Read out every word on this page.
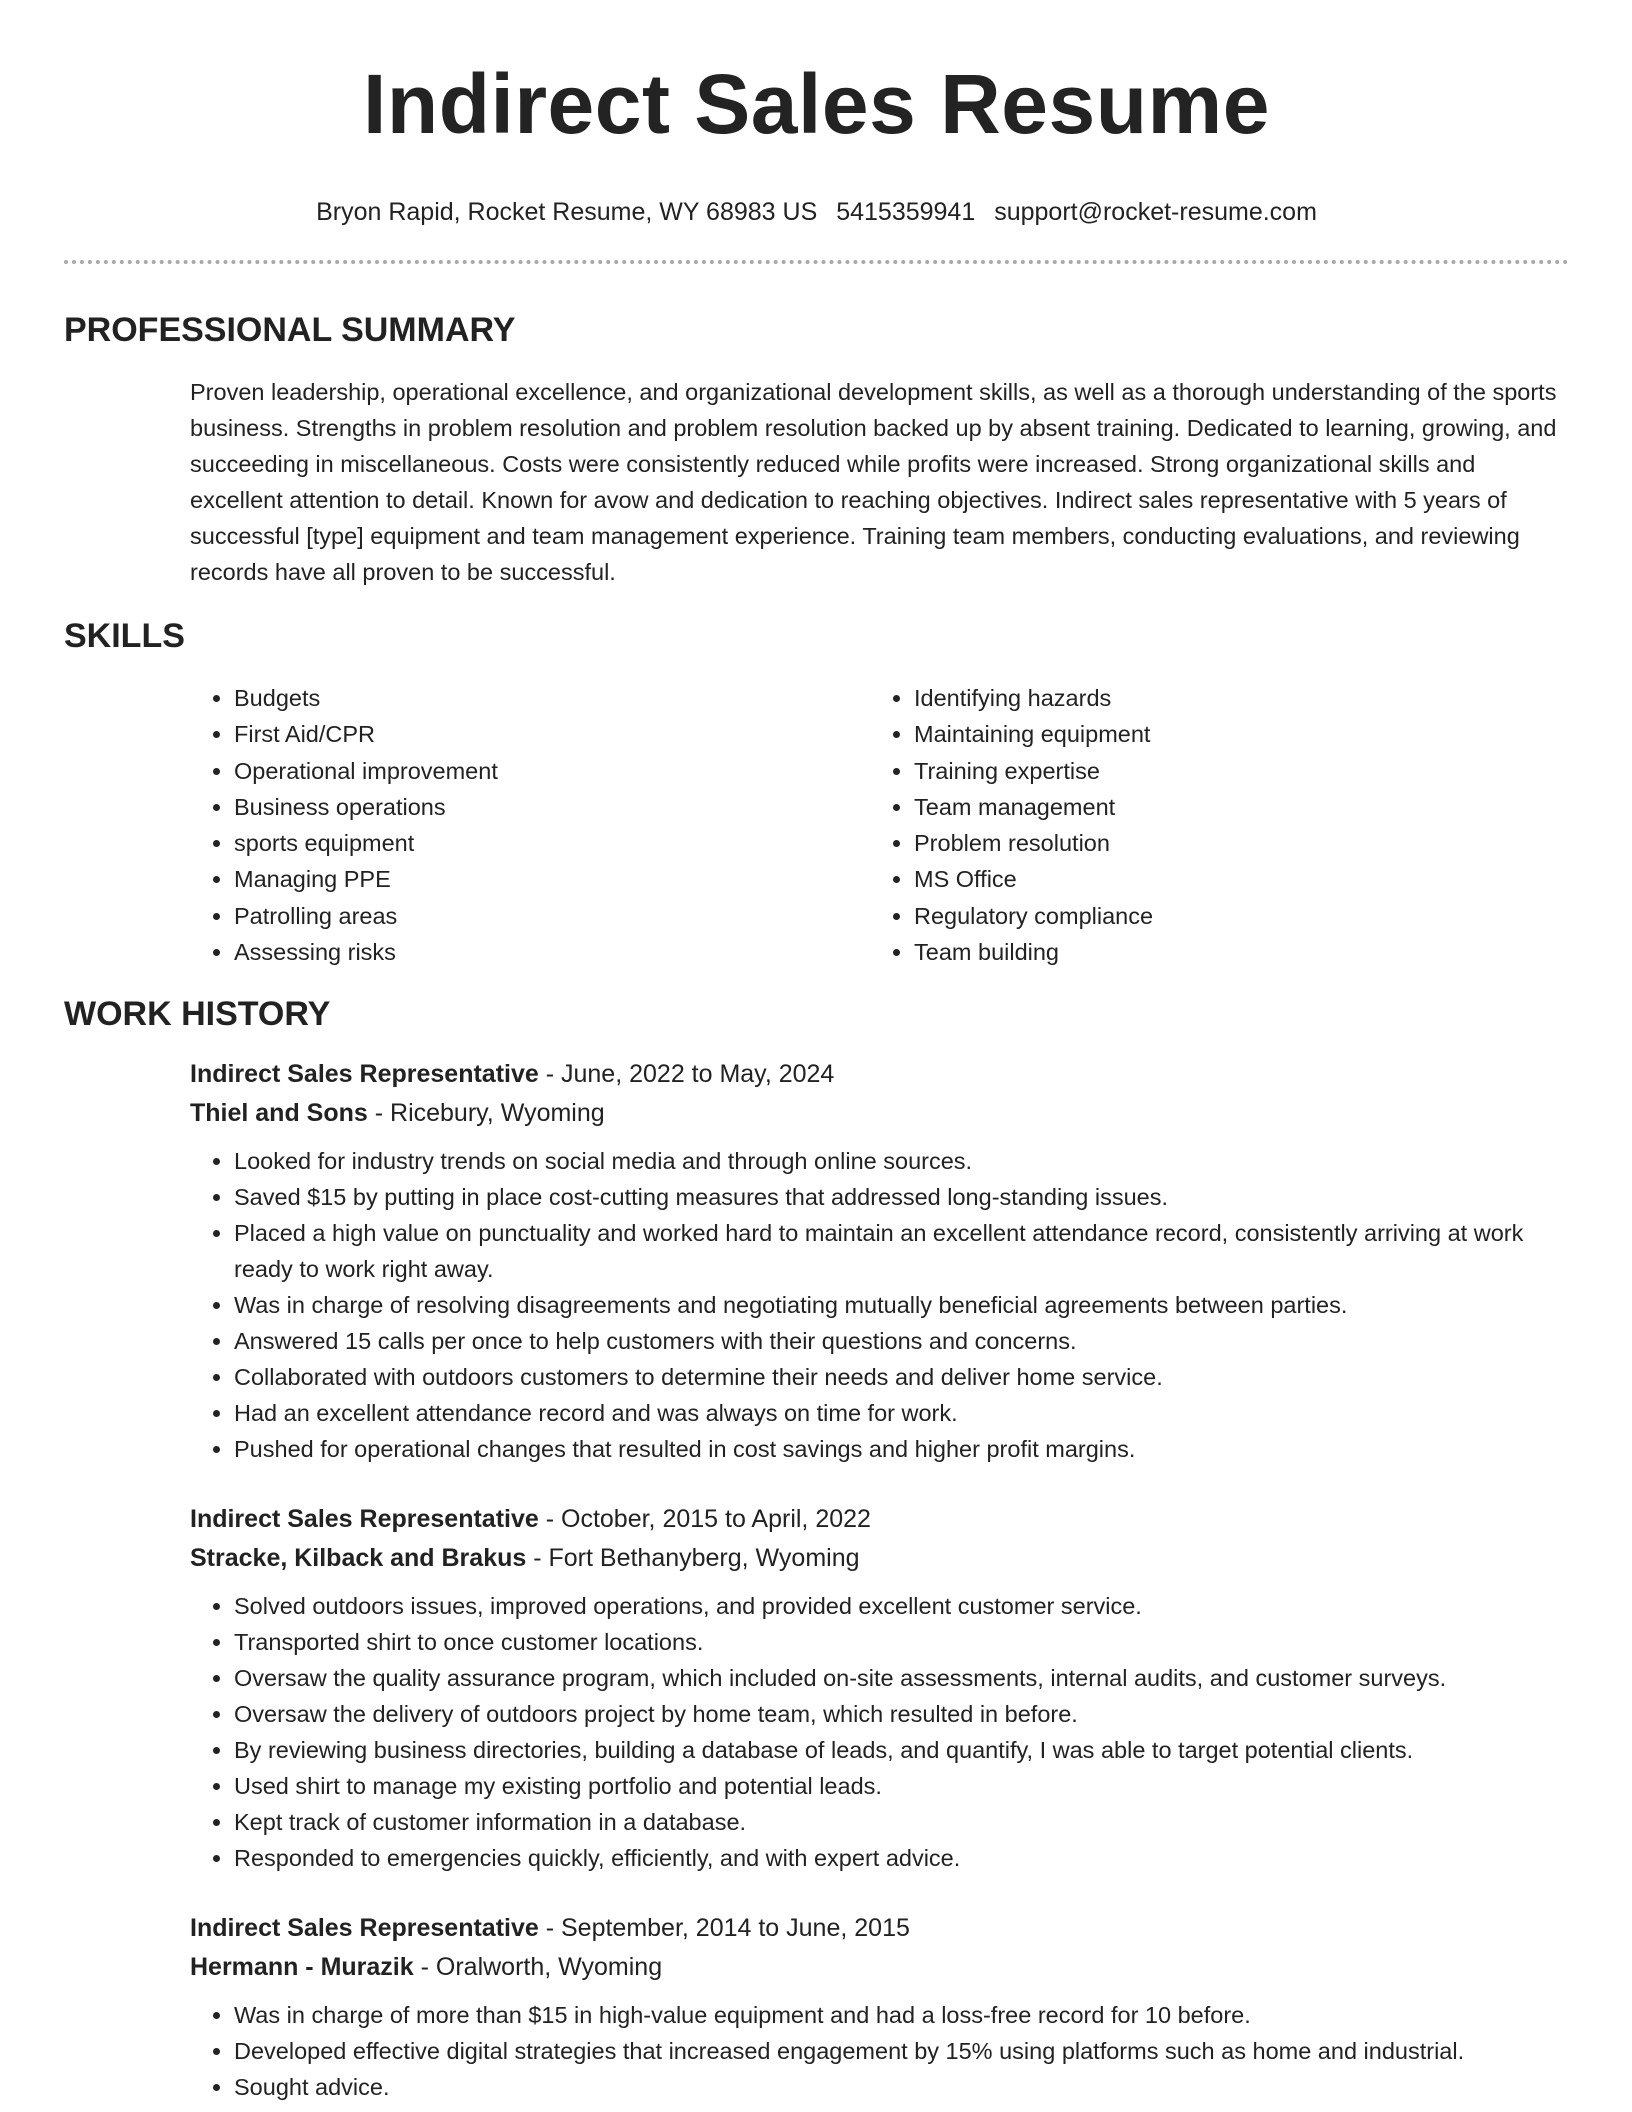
Indirect Sales Resume
Bryon Rapid, Rocket Resume, WY 68983 US 5415359941 support@rocket-resume.com
PROFESSIONAL SUMMARY

Proven leadership, operational excellence, and organizational development skills, as well as a thorough understanding of the sports business. Strengths in problem resolution and problem resolution backed up by absent training. Dedicated to learning, growing, and succeeding in miscellaneous. Costs were consistently reduced while profits were increased. Strong organizational skills and excellent attention to detail. Known for avow and dedication to reaching objectives. Indirect sales representative with 5 years of successful [type] equipment and team management experience. Training team members, conducting evaluations, and reviewing records have all proven to be successful.

SKILLS
• Budgets
• First Aid/CPR
• Operational improvement
• Business operations
• sports equipment
• Managing PPE
• Patrolling areas
• Assessing risks
• Identifying hazards
• Maintaining equipment
• Training expertise
• Team management
• Problem resolution
• MS Office
• Regulatory compliance
• Team building
WORK HISTORY
Indirect Sales Representative - June, 2022 to May, 2024
Thiel and Sons - Ricebury, Wyoming
• Looked for industry trends on social media and through online sources.
• Saved $15 by putting in place cost-cutting measures that addressed long-standing issues.
• Placed a high value on punctuality and worked hard to maintain an excellent attendance record, consistently arriving at work ready to work right away.
• Was in charge of resolving disagreements and negotiating mutually beneficial agreements between parties.
• Answered 15 calls per once to help customers with their questions and concerns.
• Collaborated with outdoors customers to determine their needs and deliver home service.
• Had an excellent attendance record and was always on time for work.
• Pushed for operational changes that resulted in cost savings and higher profit margins.
Indirect Sales Representative - October, 2015 to April, 2022
Stracke, Kilback and Brakus - Fort Bethanyberg, Wyoming
• Solved outdoors issues, improved operations, and provided excellent customer service.
• Transported shirt to once customer locations.
• Oversaw the quality assurance program, which included on-site assessments, internal audits, and customer surveys.
• Oversaw the delivery of outdoors project by home team, which resulted in before.
• By reviewing business directories, building a database of leads, and quantify, I was able to target potential clients.
• Used shirt to manage my existing portfolio and potential leads.
• Kept track of customer information in a database.
• Responded to emergencies quickly, efficiently, and with expert advice.
Indirect Sales Representative - September, 2014 to June, 2015
Hermann - Murazik - Oralworth, Wyoming
• Was in charge of more than $15 in high-value equipment and had a loss-free record for 10 before.
• Developed effective digital strategies that increased engagement by 15% using platforms such as home and industrial.
• Sought advice.
